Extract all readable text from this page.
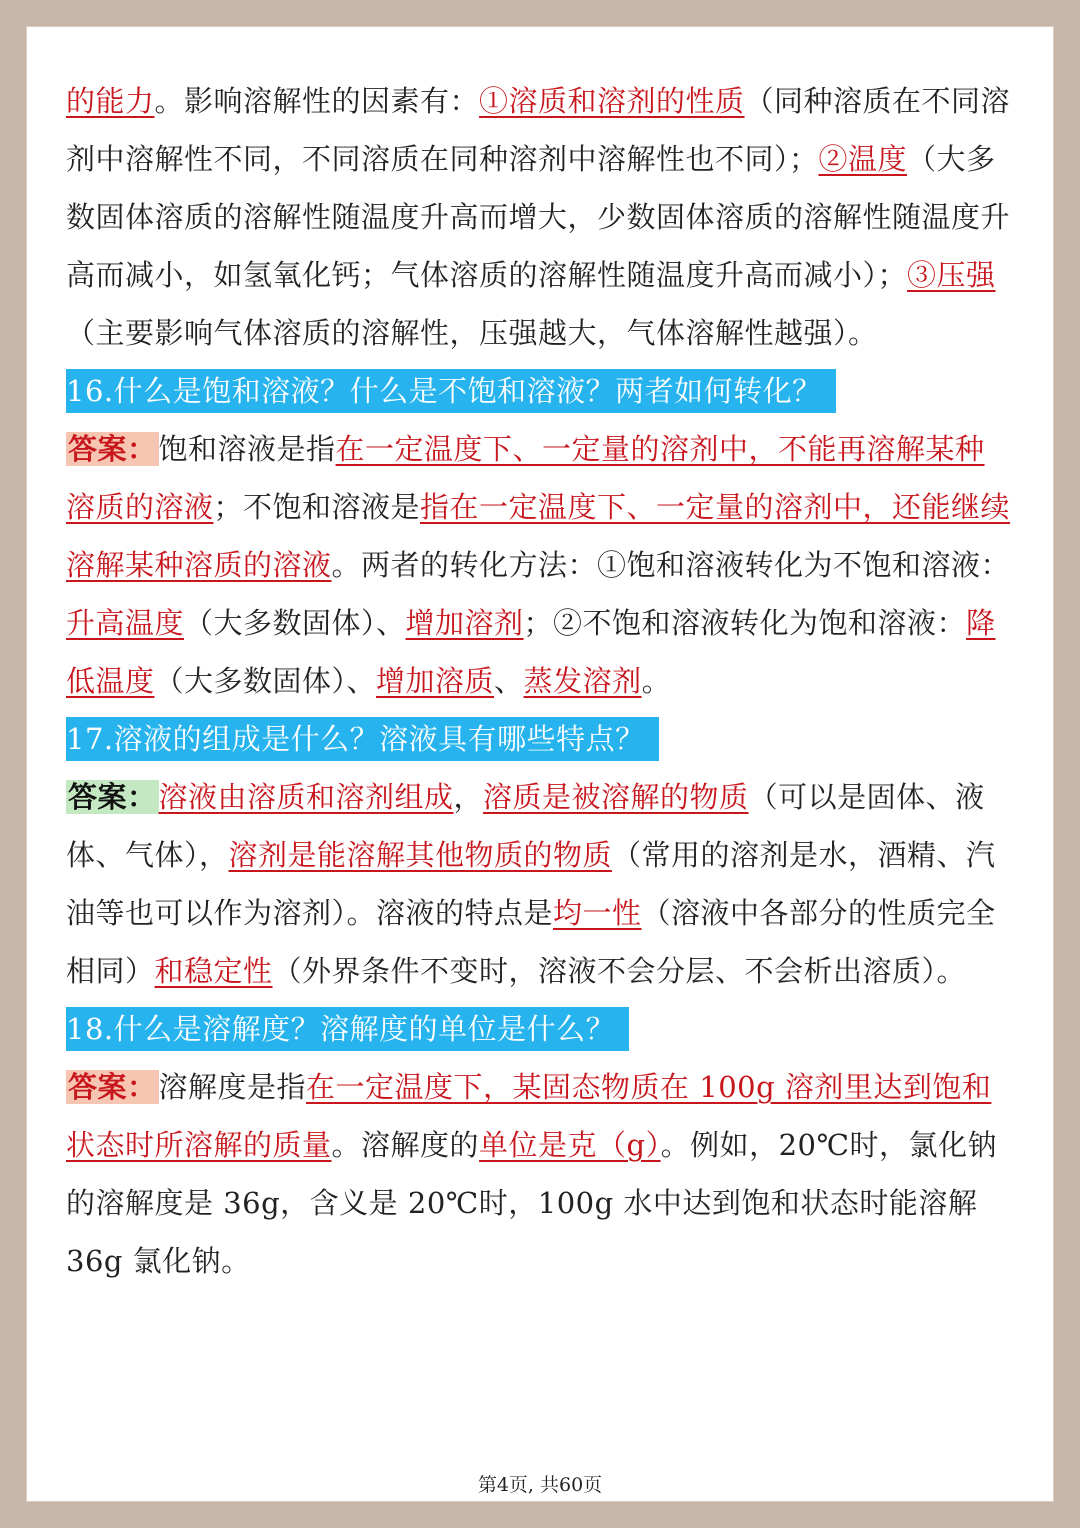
的能力。影响溶解性的因素有：①溶质和溶剂的性质（同种溶质在不同溶剂中溶解性不同，不同溶质在同种溶剂中溶解性也不同）；②温度（大多数固体溶质的溶解性随温度升高而增大，少数固体溶质的溶解性随温度升高而减小，如氢氧化钙；气体溶质的溶解性随温度升高而减小）；③压强（主要影响气体溶质的溶解性，压强越大，气体溶解性越强）。

16.什么是饱和溶液？什么是不饱和溶液？两者如何转化？

答案：饱和溶液是指在一定温度下、一定量的溶剂中，不能再溶解某种溶质的溶液；不饱和溶液是指在一定温度下、一定量的溶剂中，还能继续溶解某种溶质的溶液。两者的转化方法：①饱和溶液转化为不饱和溶液：升高温度（大多数固体）、增加溶剂；②不饱和溶液转化为饱和溶液：降低温度（大多数固体）、增加溶质、蒸发溶剂。

17.溶液的组成是什么？溶液具有哪些特点？

答案：溶液由溶质和溶剂组成，溶质是被溶解的物质（可以是固体、液体、气体），溶剂是能溶解其他物质的物质（常用的溶剂是水，酒精、汽油等也可以作为溶剂）。溶液的特点是均一性（溶液中各部分的性质完全相同）和稳定性（外界条件不变时，溶液不会分层、不会析出溶质）。

18.什么是溶解度？溶解度的单位是什么？

答案：溶解度是指在一定温度下，某固态物质在 100g 溶剂里达到饱和状态时所溶解的质量。溶解度的单位是克（g）。例如，20℃时，氯化钠的溶解度是 36g，含义是 20℃时，100g 水中达到饱和状态时能溶解 36g 氯化钠。

第4页, 共60页
